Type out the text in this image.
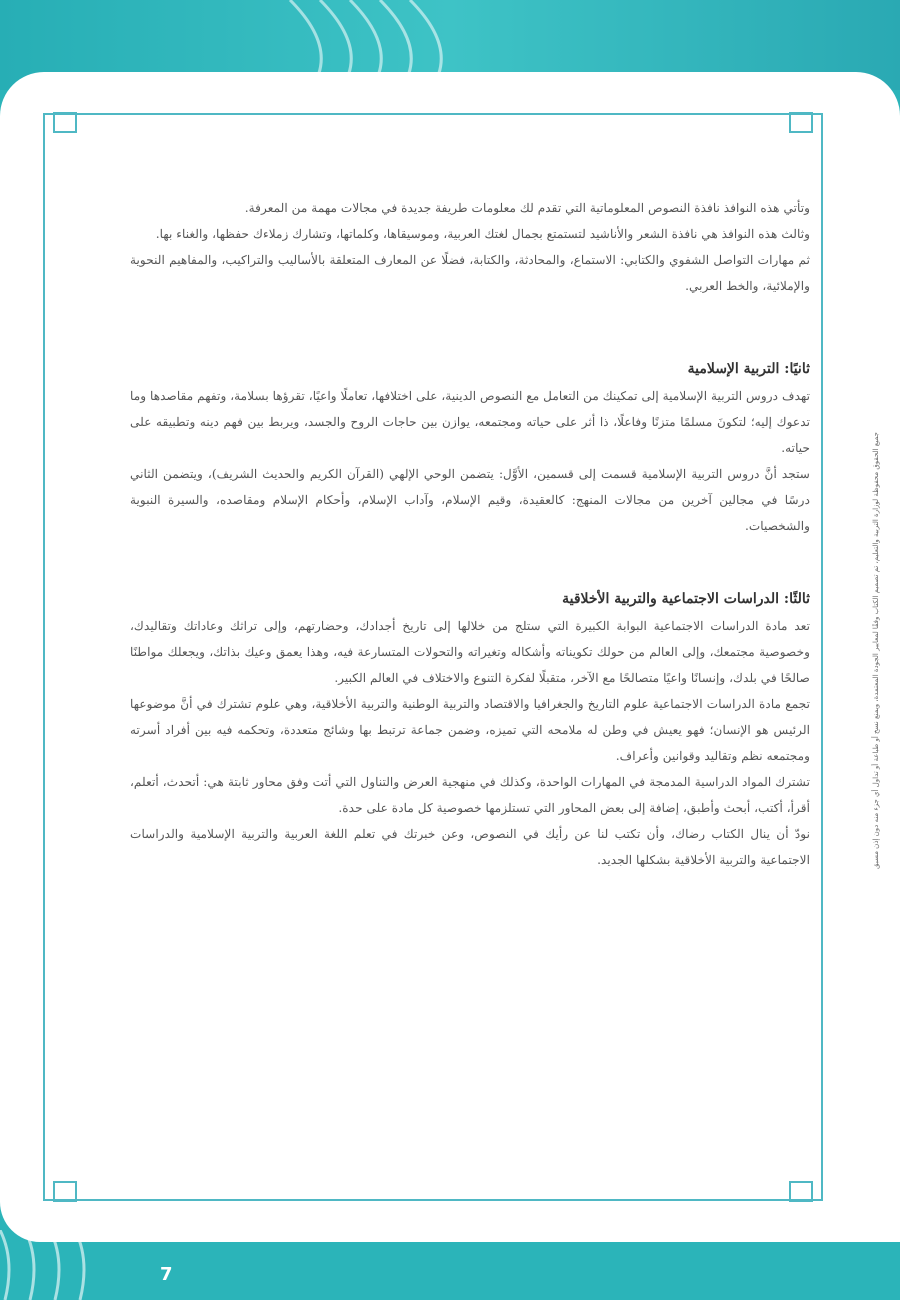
جميع الحقوق محفوظة لوزارة التربية والتعليم، تم تصميم الكتاب وفقًا لمعايير الجودة المعتمدة، ويمنع نسخ أو طباعة أو تداول أي جزء منه دون إذن مسبق

وتأتي هذه النوافذ نافذة النصوص المعلوماتية التي تقدم لك معلومات طريفة جديدة في مجالات مهمة من المعرفة.

وثالث هذه النوافذ هي نافذة الشعر والأناشيد لتستمتع بجمال لغتك العربية، وموسيقاها، وكلماتها، وتشارك زملاءك حفظها، والغناء بها.

ثم مهارات التواصل الشفوي والكتابي: الاستماع، والمحادثة، والكتابة، فضلًا عن المعارف المتعلقة بالأساليب والتراكيب، والمفاهيم النحوية والإملائية، والخط العربي.

ثانيًا: التربية الإسلامية

تهدف دروس التربية الإسلامية إلى تمكينك من التعامل مع النصوص الدينية، على اختلافها، تعاملًا واعيًا، تقرؤها بسلامة، وتفهم مقاصدها وما تدعوك إليه؛ لتكونَ مسلمًا متزنًا وفاعلًا، ذا أثر على حياته ومجتمعه، يوازن بين حاجات الروح والجسد، ويربط بين فهم دينه وتطبيقه على حياته.

ستجد أنَّ دروس التربية الإسلامية قسمت إلى قسمين، الأوَّل: يتضمن الوحي الإلهي (القرآن الكريم والحديث الشريف)، ويتضمن الثاني درسًا في مجالين آخرين من مجالات المنهج: كالعقيدة، وقيم الإسلام، وآداب الإسلام، وأحكام الإسلام ومقاصده، والسيرة النبوية والشخصيات.

ثالثًا: الدراسات الاجتماعية والتربية الأخلاقية

تعد مادة الدراسات الاجتماعية البوابة الكبيرة التي ستلج من خلالها إلى تاريخ أجدادك، وحضارتهم، وإلى تراثك وعاداتك وتقاليدك، وخصوصية مجتمعك، وإلى العالم من حولك تكويناته وأشكاله وتغيراته والتحولات المتسارعة فيه، وهذا يعمق وعيك بذاتك، ويجعلك مواطنًا صالحًا في بلدك، وإنسانًا واعيًا متصالحًا مع الآخر، متقبلًا لفكرة التنوع والاختلاف في العالم الكبير.

تجمع مادة الدراسات الاجتماعية علوم التاريخ والجغرافيا والاقتصاد والتربية الوطنية والتربية الأخلاقية، وهي علوم تشترك في أنَّ موضوعها الرئيس هو الإنسان؛ فهو يعيش في وطن له ملامحه التي تميزه، وضمن جماعة ترتبط بها وشائج متعددة، وتحكمه فيه بين أفراد أسرته ومجتمعه نظم وتقاليد وقوانين وأعراف.

تشترك المواد الدراسية المدمجة في المهارات الواحدة، وكذلك في منهجية العرض والتناول التي أتت وفق محاور ثابتة هي: أتحدث، أتعلم، أقرأ، أكتب، أبحث وأطبق، إضافة إلى بعض المحاور التي تستلزمها خصوصية كل مادة على حدة.

نودّ أن ينال الكتاب رضاك، وأن تكتب لنا عن رأيك في النصوص، وعن خبرتك في تعلم اللغة العربية والتربية الإسلامية والدراسات الاجتماعية والتربية الأخلاقية بشكلها الجديد.

7
